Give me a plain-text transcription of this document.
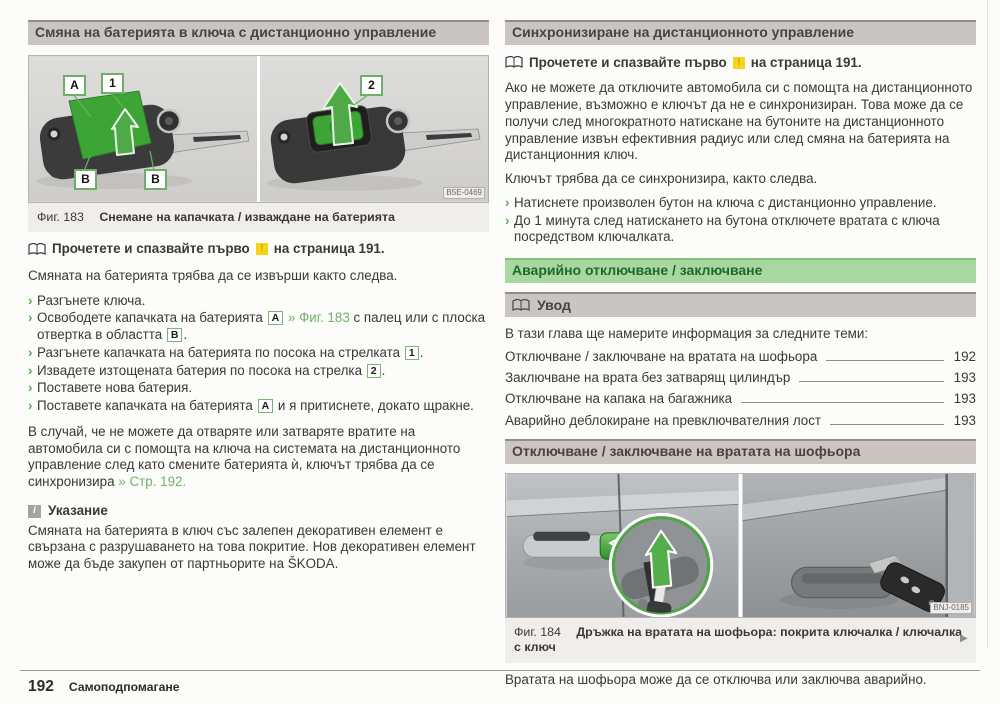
Смяна на батерията в ключа с дистанционно управление
A	1
B	B
2
B5E-0469
Фиг. 183 Снемане на капачката / изваждане на батерията
Прочетете и спазвайте първо	! на страница 191.

Смяната на батерията трябва да се извърши както следва.

› Разгънете ключа.
› Освободете капачката на батерията A » Фиг. 183 с палец или с плоска отвертка в областта B .
› Разгънете капачката на батерията по посока на стрелката 1 .
› Извадете изтощената батерия по посока на стрелка 2 .
› Поставете нова батерия.
› Поставете капачката на батерията A и я притиснете, докато щракне.

В случай, че не можете да отваряте или затваряте вратите на автомобила си с помощта на ключа на системата на дистанционното управление след като смените батерията ѝ, ключът трябва да се синхронизира » Стр. 192.

i Указание

Смяната на батерията в ключ със залепен декоративен елемент е свързана с разрушаването на това покритие. Нов декоративен елемент може да бъде закупен от партньорите на ŠKODA.

Синхронизиране на дистанционното управление
Прочетете и спазвайте първо	! на страница 191.

Ако не можете да отключите автомобила си с помощта на дистанционното управление, възможно е ключът да не е синхронизиран. Това може да се получи след многократното натискане на бутоните на дистанционното управление извън ефективния радиус или след смяна на батерията на дистанционния ключ.

Ключът трябва да се синхронизира, както следва.

› Натиснете произволен бутон на ключа с дистанционно управление.
› До 1 минута след натискането на бутона отключете вратата с ключа посредством ключалката.
Аварийно отключване / заключване
Увод

В тази глава ще намерите информация за следните теми:

Отключване / заключване на вратата на шофьора	192
Заключване на врата без затварящ цилиндър	193
Отключване на капака на багажника	193
Аварийно деблокиране на превключвателния лост	193
Отключване / заключване на вратата на шофьора
BNJ-0185
Фиг. 184 Дръжка на вратата на шофьора: покрита ключалка / ключалка с ключ

Вратата на шофьора може да се отключва или заключва аварийно.

192 Самоподпомагане
▶
